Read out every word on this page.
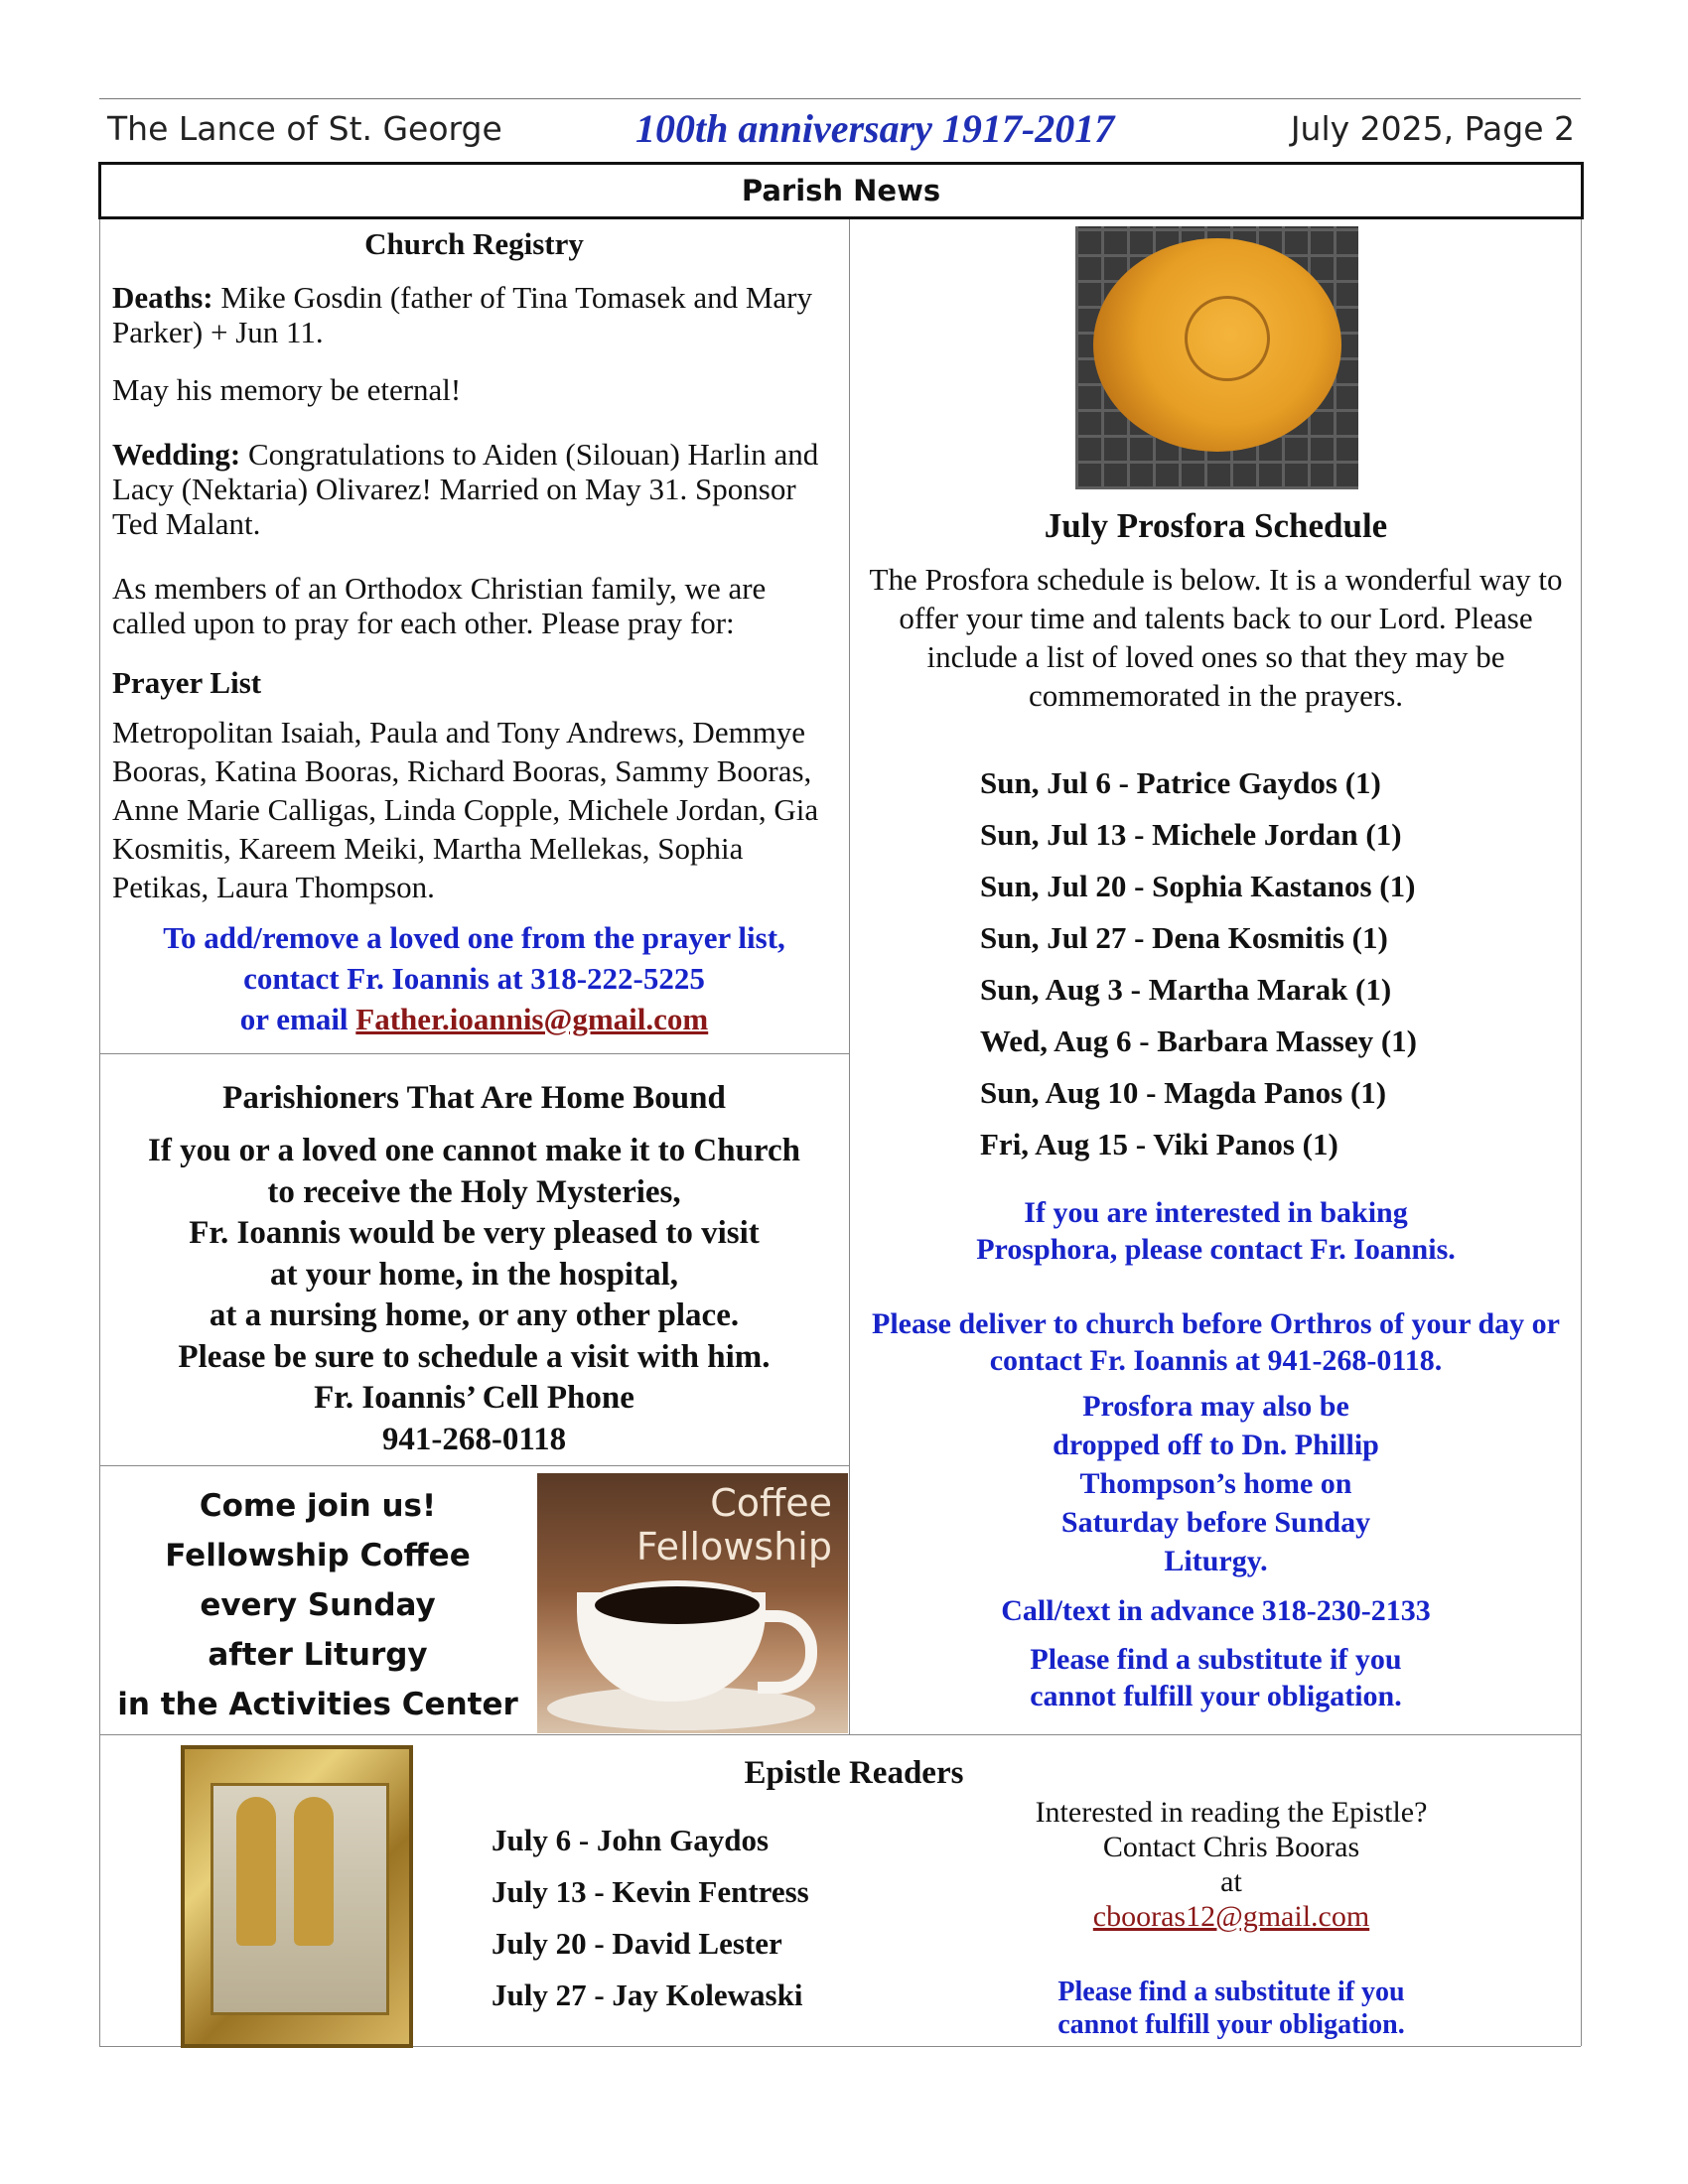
The Lance of St. George	100th anniversary 1917-2017	July 2025, Page 2
Parish News
Church Registry
Deaths: Mike Gosdin (father of Tina Tomasek and Mary Parker) + Jun 11.
May his memory be eternal!
Wedding: Congratulations to Aiden (Silouan) Harlin and Lacy (Nektaria) Olivarez! Married on May 31. Sponsor Ted Malant.
As members of an Orthodox Christian family, we are called upon to pray for each other. Please pray for:
Prayer List
Metropolitan Isaiah, Paula and Tony Andrews, Demmye Booras, Katina Booras, Richard Booras, Sammy Booras, Anne Marie Calligas, Linda Copple, Michele Jordan, Gia Kosmitis, Kareem Meiki, Martha Mellekas, Sophia Petikas, Laura Thompson.
To add/remove a loved one from the prayer list,
contact Fr. Ioannis at 318-222-5225
or email Father.ioannis@gmail.com
Parishioners That Are Home Bound
If you or a loved one cannot make it to Church
to receive the Holy Mysteries,
Fr. Ioannis would be very pleased to visit
at your home, in the hospital,
at a nursing home, or any other place.
Please be sure to schedule a visit with him.
Fr. Ioannis’ Cell Phone
941-268-0118
Come join us!
Fellowship Coffee
every Sunday
after Liturgy
in the Activities Center
Coffee
Fellowship
July Prosfora Schedule
The Prosfora schedule is below. It is a wonderful way to offer your time and talents back to our Lord. Please include a list of loved ones so that they may be commemorated in the prayers.
Sun, Jul 6 - Patrice Gaydos (1)
Sun, Jul 13 - Michele Jordan (1)
Sun, Jul 20 - Sophia Kastanos (1)
Sun, Jul 27 - Dena Kosmitis (1)
Sun, Aug 3 - Martha Marak (1)
Wed, Aug 6 - Barbara Massey (1)
Sun, Aug 10 - Magda Panos (1)
Fri, Aug 15 - Viki Panos (1)

If you are interested in baking Prosphora, please contact Fr. Ioannis.

Please deliver to church before Orthros of your day or contact Fr. Ioannis at 941-268-0118.

Prosfora may also be dropped off to Dn. Phillip Thompson’s home on Saturday before Sunday Liturgy.

Call/text in advance 318-230-2133

Please find a substitute if you cannot fulfill your obligation.

Epistle Readers
July 6 - John Gaydos
July 13 - Kevin Fentress
July 20 - David Lester
July 27 - Jay Kolewaski
Interested in reading the Epistle?
Contact Chris Booras
at
cbooras12@gmail.com
Please find a substitute if you cannot fulfill your obligation.
